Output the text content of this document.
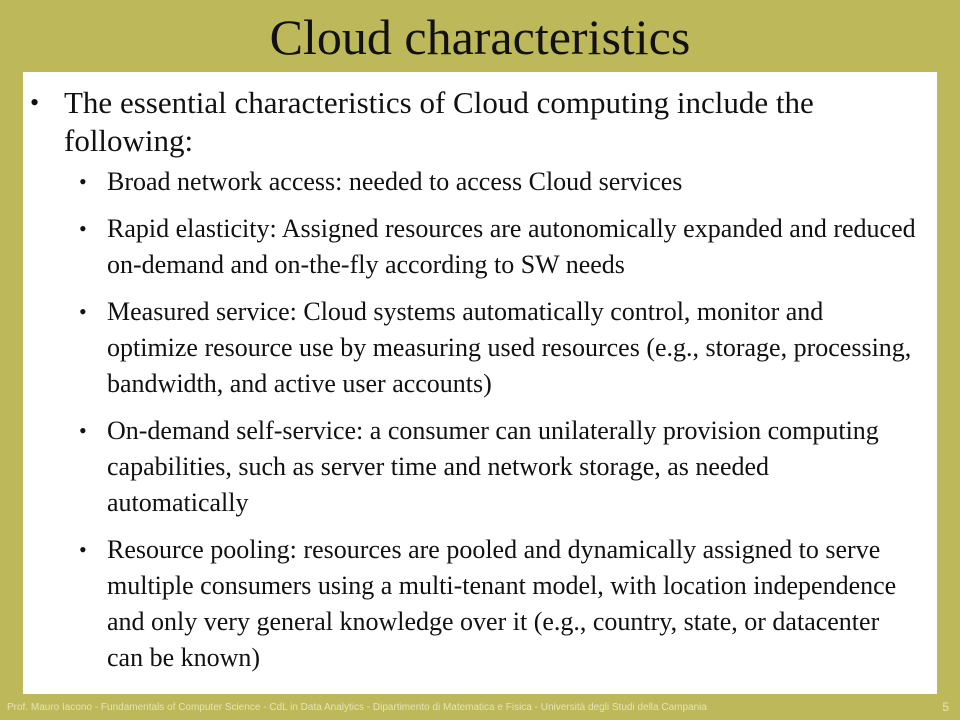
Cloud characteristics
• The essential characteristics of Cloud computing include the following:
• Broad network access: needed to access Cloud services
• Rapid elasticity: Assigned resources are autonomically expanded and reduced on-demand and on-the-fly according to SW needs
• Measured service: Cloud systems automatically control, monitor and optimize resource use by measuring used resources (e.g., storage, processing, bandwidth, and active user accounts)
• On-demand self-service: a consumer can unilaterally provision computing capabilities, such as server time and network storage, as needed automatically
• Resource pooling: resources are pooled and dynamically assigned to serve multiple consumers using a multi-tenant model, with location independence and only very general knowledge over it (e.g., country, state, or datacenter can be known)
Prof. Mauro Iacono - Fundamentals of Computer Science - CdL in Data Analytics - Dipartimento di Matematica e Fisica - Università degli Studi della Campania	5
